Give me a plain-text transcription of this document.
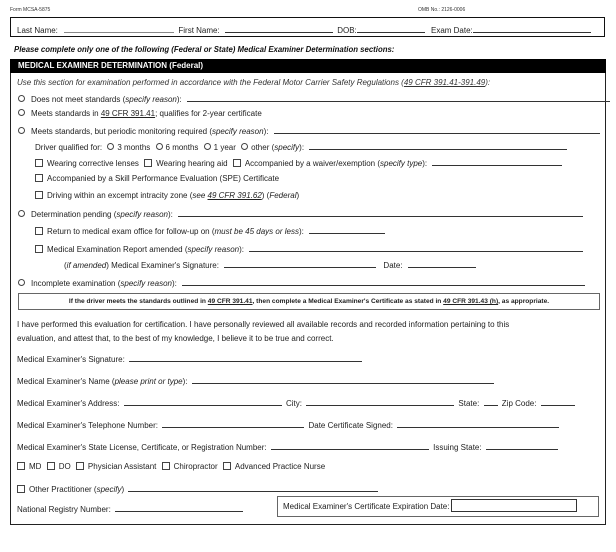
Form MCSA-5875	OMB No.: 2126-0006
Last Name:	First Name:	DOB:	Exam Date:
Please complete only one of the following (Federal or State) Medical Examiner Determination sections:
MEDICAL EXAMINER DETERMINATION (Federal)
Use this section for examination performed in accordance with the Federal Motor Carrier Safety Regulations (49 CFR 391.41-391.49):
Does not meet standards (specify reason):
Meets standards in 49 CFR 391.41; qualifies for 2-year certificate
Meets standards, but periodic monitoring required (specify reason):
Driver qualified for: 3 months 6 months 1 year other (specify):
Wearing corrective lenses Wearing hearing aid Accompanied by a waiver/exemption (specify type):
Accompanied by a Skill Performance Evaluation (SPE) Certificate
Driving within an excempt intracity zone (see 49 CFR 391.62) (Federal)
Determination pending (specify reason):
Return to medical exam office for follow-up on (must be 45 days or less):
Medical Examination Report amended (specify reason):
(if amended) Medical Examiner's Signature:	Date:
Incomplete examination (specify reason):
If the driver meets the standards outlined in 49 CFR 391.41, then complete a Medical Examiner's Certificate as stated in 49 CFR 391.43 (h), as appropriate.
I have performed this evaluation for certification. I have personally reviewed all available records and recorded information pertaining to this
evaluation, and attest that, to the best of my knowledge, I believe it to be true and correct.
Medical Examiner's Signature:
Medical Examiner's Name (please print or type):
Medical Examiner's Address:	City:	State:	Zip Code:
Medical Examiner's Telephone Number:	Date Certificate Signed:
Medical Examiner's State License, Certificate, or Registration Number:	Issuing State:
MD DO Physician Assistant Chiropractor Advanced Practice Nurse
Other Practitioner (specify)
National Registry Number:	Medical Examiner's Certificate Expiration Date:
